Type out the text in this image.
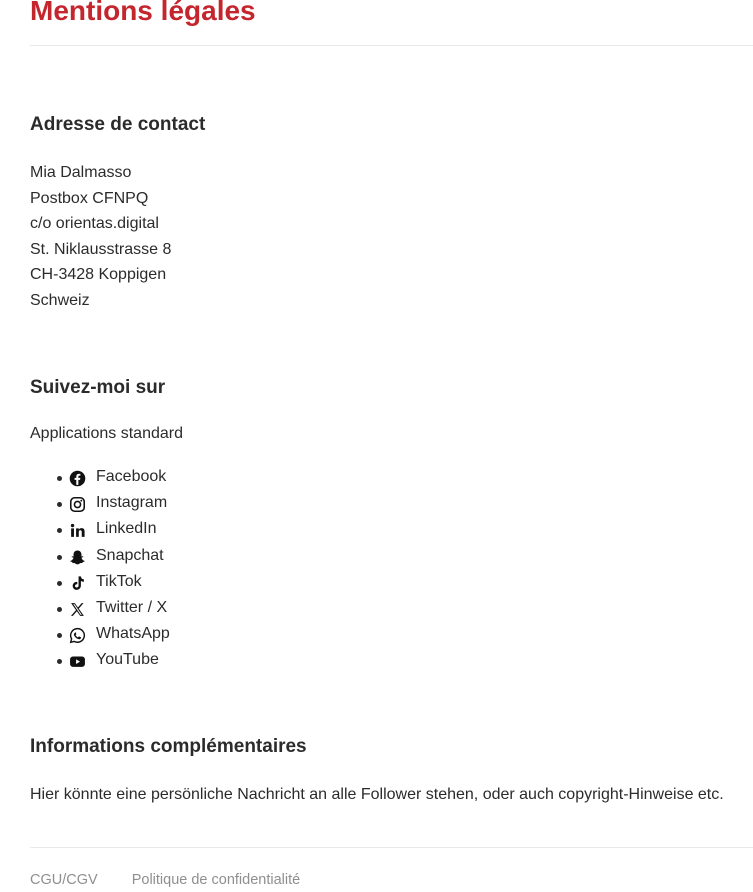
Mentions légales
Adresse de contact
Mia Dalmasso
Postbox CFNPQ
c/o orientas.digital
St. Niklausstrasse 8
CH-3428 Koppigen
Schweiz
Suivez-moi sur
Applications standard
Facebook
Instagram
LinkedIn
Snapchat
TikTok
Twitter / X
WhatsApp
YouTube
Informations complémentaires
Hier könnte eine persönliche Nachricht an alle Follower stehen, oder auch copyright-Hinweise etc.
CGU/CGV Politique de confidentialité
